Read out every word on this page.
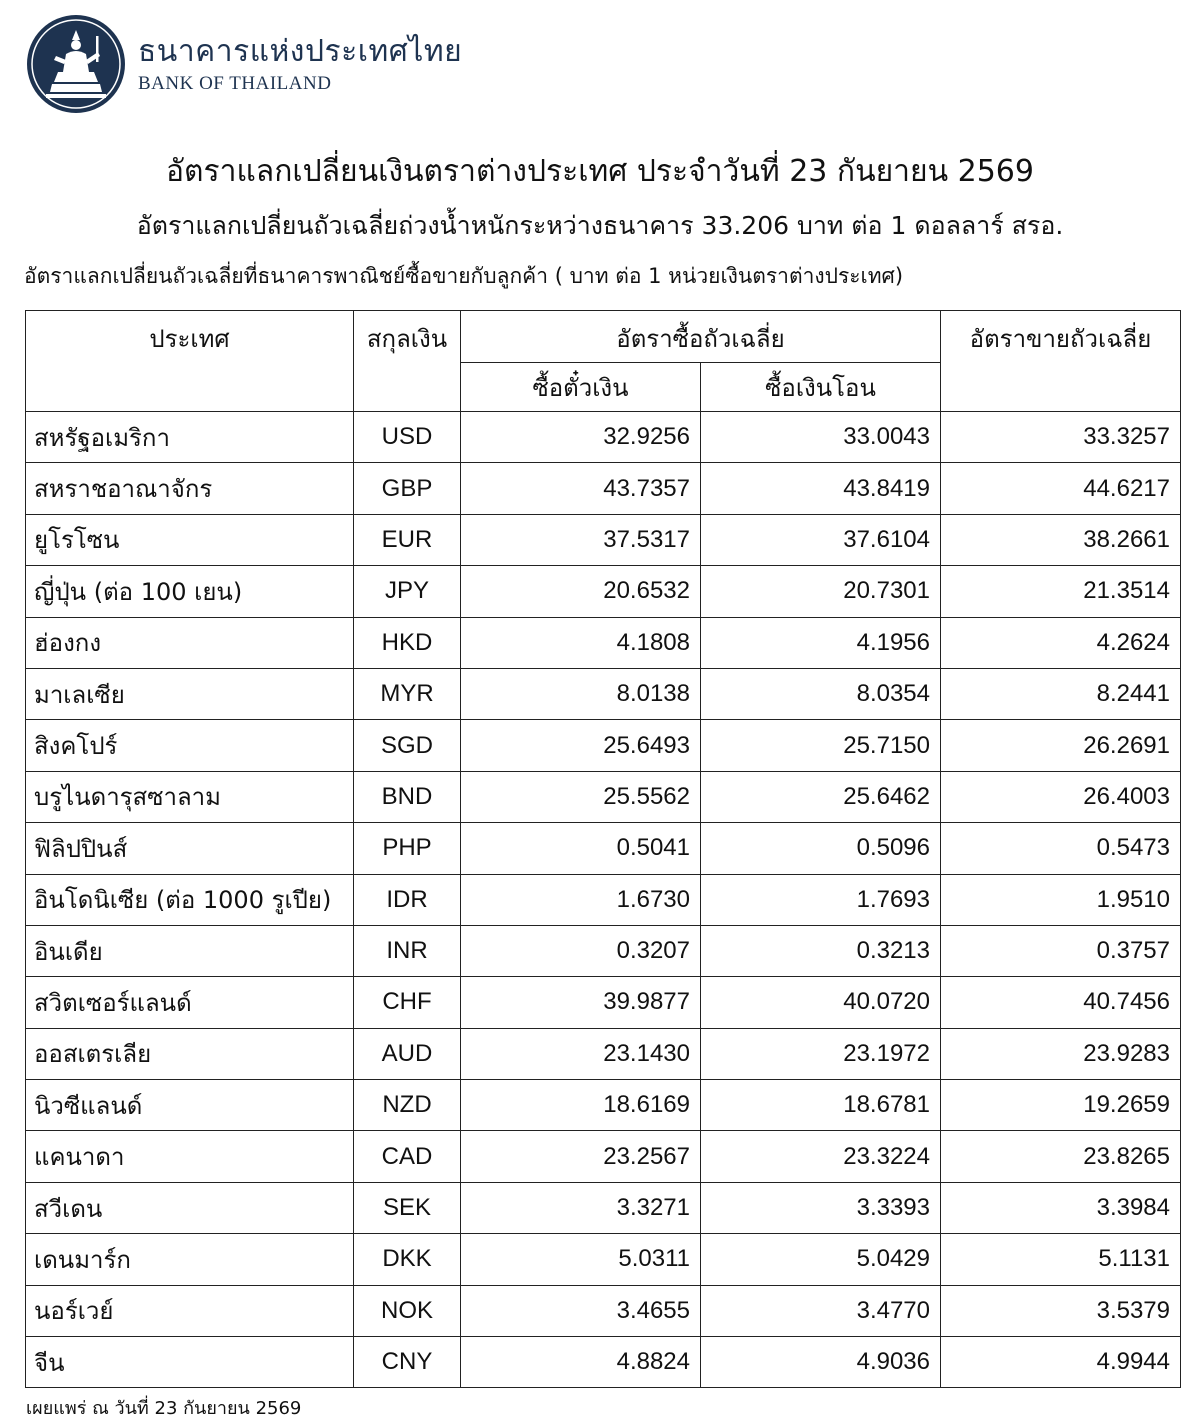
ธนาคารแห่งประเทศไทย
BANK OF THAILAND
อัตราแลกเปลี่ยนเงินตราต่างประเทศ ประจำวันที่ 23 กันยายน 2569
อัตราแลกเปลี่ยนถัวเฉลี่ยถ่วงน้ำหนักระหว่างธนาคาร 33.206 บาท ต่อ 1 ดอลลาร์ สรอ.
อัตราแลกเปลี่ยนถัวเฉลี่ยที่ธนาคารพาณิชย์ซื้อขายกับลูกค้า ( บาท ต่อ 1 หน่วยเงินตราต่างประเทศ)
ประเทศ	สกุลเงิน	อัตราซื้อถัวเฉลี่ย		อัตราขายถัวเฉลี่ย
		ซื้อตั๋วเงิน	ซื้อเงินโอน	
สหรัฐอเมริกา	USD	32.9256	33.0043	33.3257
สหราชอาณาจักร	GBP	43.7357	43.8419	44.6217
ยูโรโซน	EUR	37.5317	37.6104	38.2661
ญี่ปุ่น (ต่อ 100 เยน)	JPY	20.6532	20.7301	21.3514
ฮ่องกง	HKD	4.1808	4.1956	4.2624
มาเลเซีย	MYR	8.0138	8.0354	8.2441
สิงคโปร์	SGD	25.6493	25.7150	26.2691
บรูไนดารุสซาลาม	BND	25.5562	25.6462	26.4003
ฟิลิปปินส์	PHP	0.5041	0.5096	0.5473
อินโดนิเซีย (ต่อ 1000 รูเปีย)	IDR	1.6730	1.7693	1.9510
อินเดีย	INR	0.3207	0.3213	0.3757
สวิตเซอร์แลนด์	CHF	39.9877	40.0720	40.7456
ออสเตรเลีย	AUD	23.1430	23.1972	23.9283
นิวซีแลนด์	NZD	18.6169	18.6781	19.2659
แคนาดา	CAD	23.2567	23.3224	23.8265
สวีเดน	SEK	3.3271	3.3393	3.3984
เดนมาร์ก	DKK	5.0311	5.0429	5.1131
นอร์เวย์	NOK	3.4655	3.4770	3.5379
จีน	CNY	4.8824	4.9036	4.9944
เผยแพร่ ณ วันที่ 23 กันยายน 2569
